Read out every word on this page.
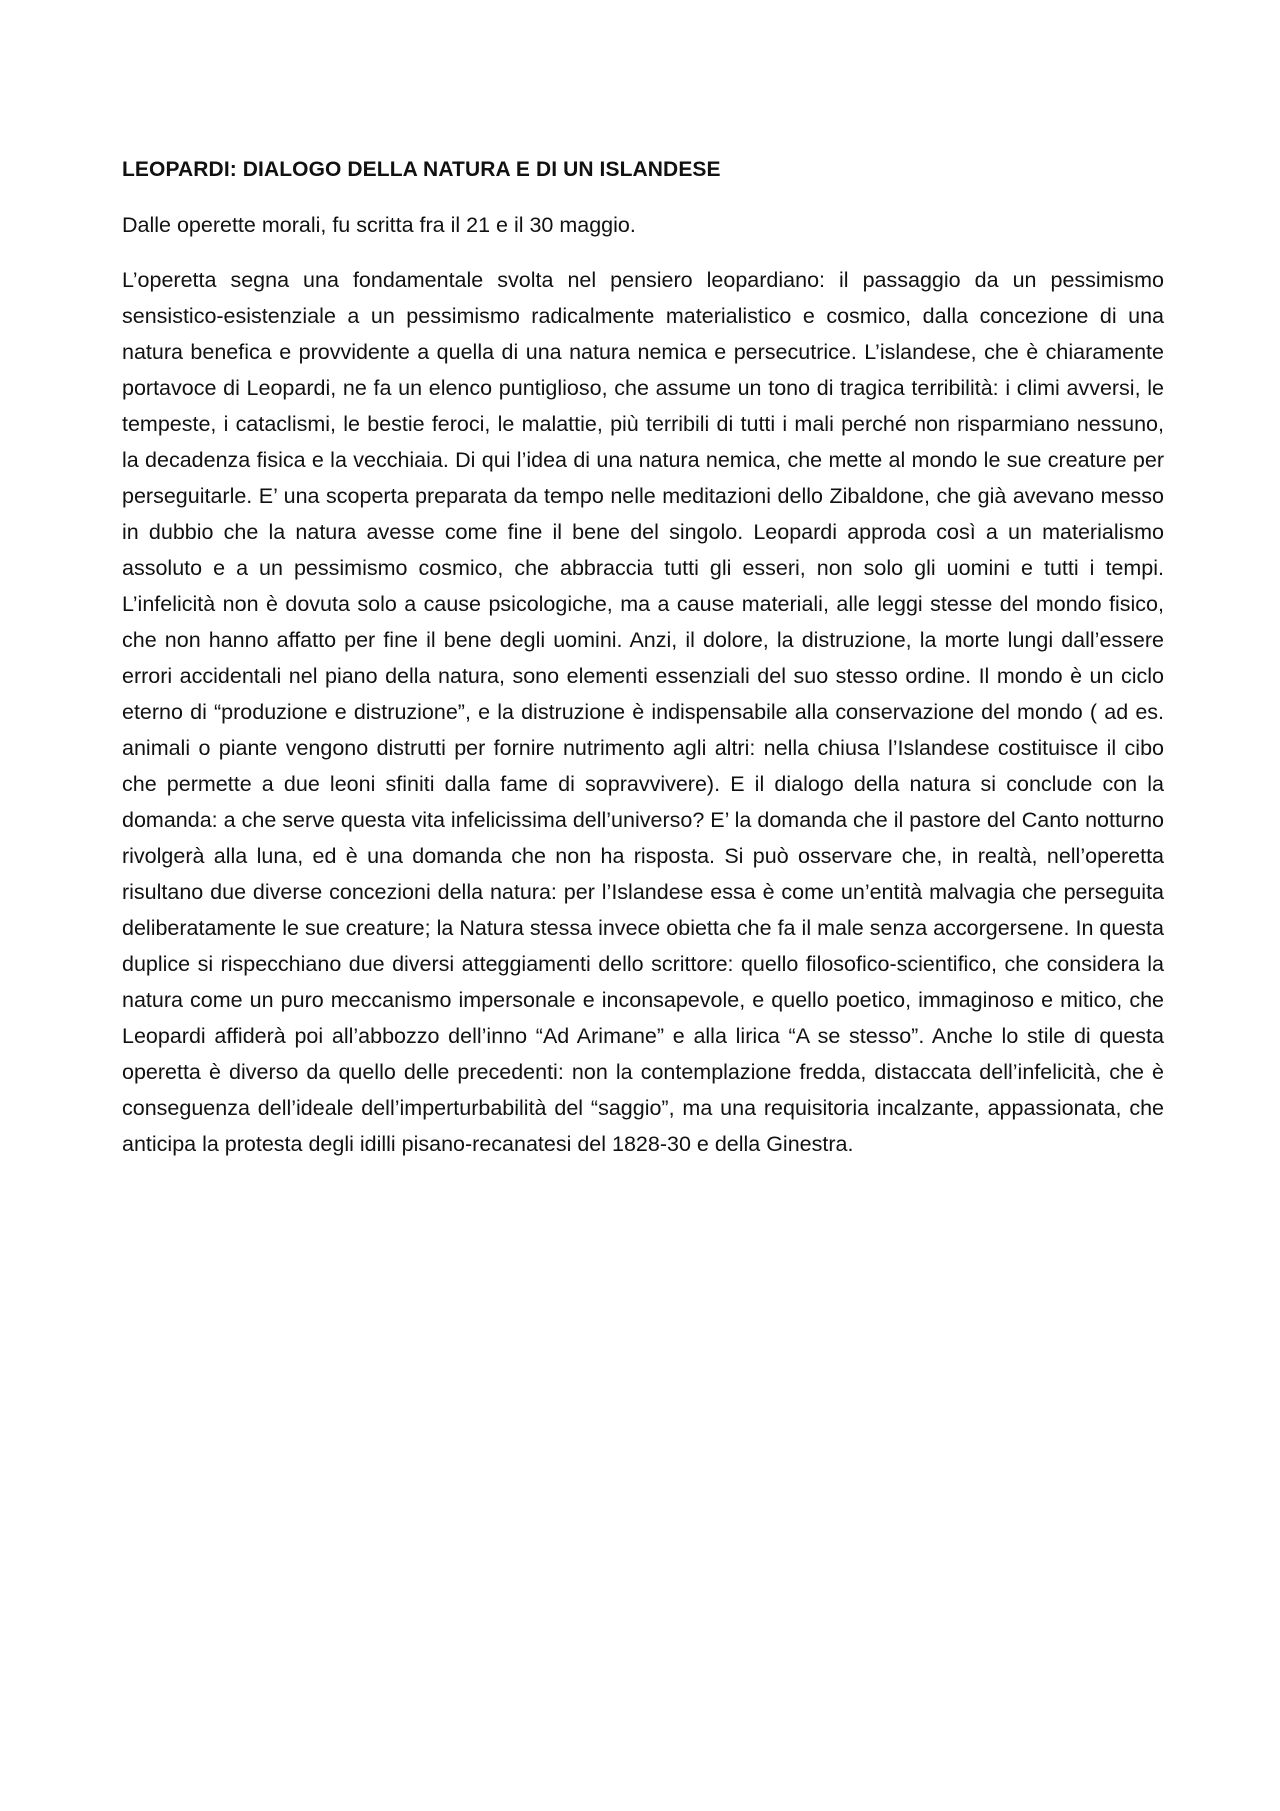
LEOPARDI: DIALOGO DELLA NATURA E DI UN ISLANDESE

Dalle operette morali, fu scritta fra il 21 e il 30 maggio.

L’operetta segna una fondamentale svolta nel pensiero leopardiano: il passaggio da un pessimismo sensistico-esistenziale a un pessimismo radicalmente materialistico e cosmico, dalla concezione di una natura benefica e provvidente a quella di una natura nemica e persecutrice. L’islandese, che è chiaramente portavoce di Leopardi, ne fa un elenco puntiglioso, che assume un tono di tragica terribilità: i climi avversi, le tempeste, i cataclismi, le bestie feroci, le malattie, più terribili di tutti i mali perché non risparmiano nessuno, la decadenza fisica e la vecchiaia. Di qui l’idea di una natura nemica, che mette al mondo le sue creature per perseguitarle. E’ una scoperta preparata da tempo nelle meditazioni dello Zibaldone, che già avevano messo in dubbio che la natura avesse come fine il bene del singolo. Leopardi approda così a un materialismo assoluto e a un pessimismo cosmico, che abbraccia tutti gli esseri, non solo gli uomini e tutti i tempi. L’infelicità non è dovuta solo a cause psicologiche, ma a cause materiali, alle leggi stesse del mondo fisico, che non hanno affatto per fine il bene degli uomini. Anzi, il dolore, la distruzione, la morte lungi dall’essere errori accidentali nel piano della natura, sono elementi essenziali del suo stesso ordine. Il mondo è un ciclo eterno di “produzione e distruzione”, e la distruzione è indispensabile alla conservazione del mondo ( ad es. animali o piante vengono distrutti per fornire nutrimento agli altri: nella chiusa l’Islandese costituisce il cibo che permette a due leoni sfiniti dalla fame di sopravvivere). E il dialogo della natura si conclude con la domanda: a che serve questa vita infelicissima dell’universo? E’ la domanda che il pastore del Canto notturno rivolgerà alla luna, ed è una domanda che non ha risposta. Si può osservare che, in realtà, nell’operetta risultano due diverse concezioni della natura: per l’Islandese essa è come un’entità malvagia che perseguita deliberatamente le sue creature; la Natura stessa invece obietta che fa il male senza accorgersene. In questa duplice si rispecchiano due diversi atteggiamenti dello scrittore: quello filosofico-scientifico, che considera la natura come un puro meccanismo impersonale e inconsapevole, e quello poetico, immaginoso e mitico, che Leopardi affiderà poi all’abbozzo dell’inno “Ad Arimane” e alla lirica “A se stesso”. Anche lo stile di questa operetta è diverso da quello delle precedenti: non la contemplazione fredda, distaccata dell’infelicità, che è conseguenza dell’ideale dell’imperturbabilità del “saggio”, ma una requisitoria incalzante, appassionata, che anticipa la protesta degli idilli pisano-recanatesi del 1828-30 e della Ginestra.
